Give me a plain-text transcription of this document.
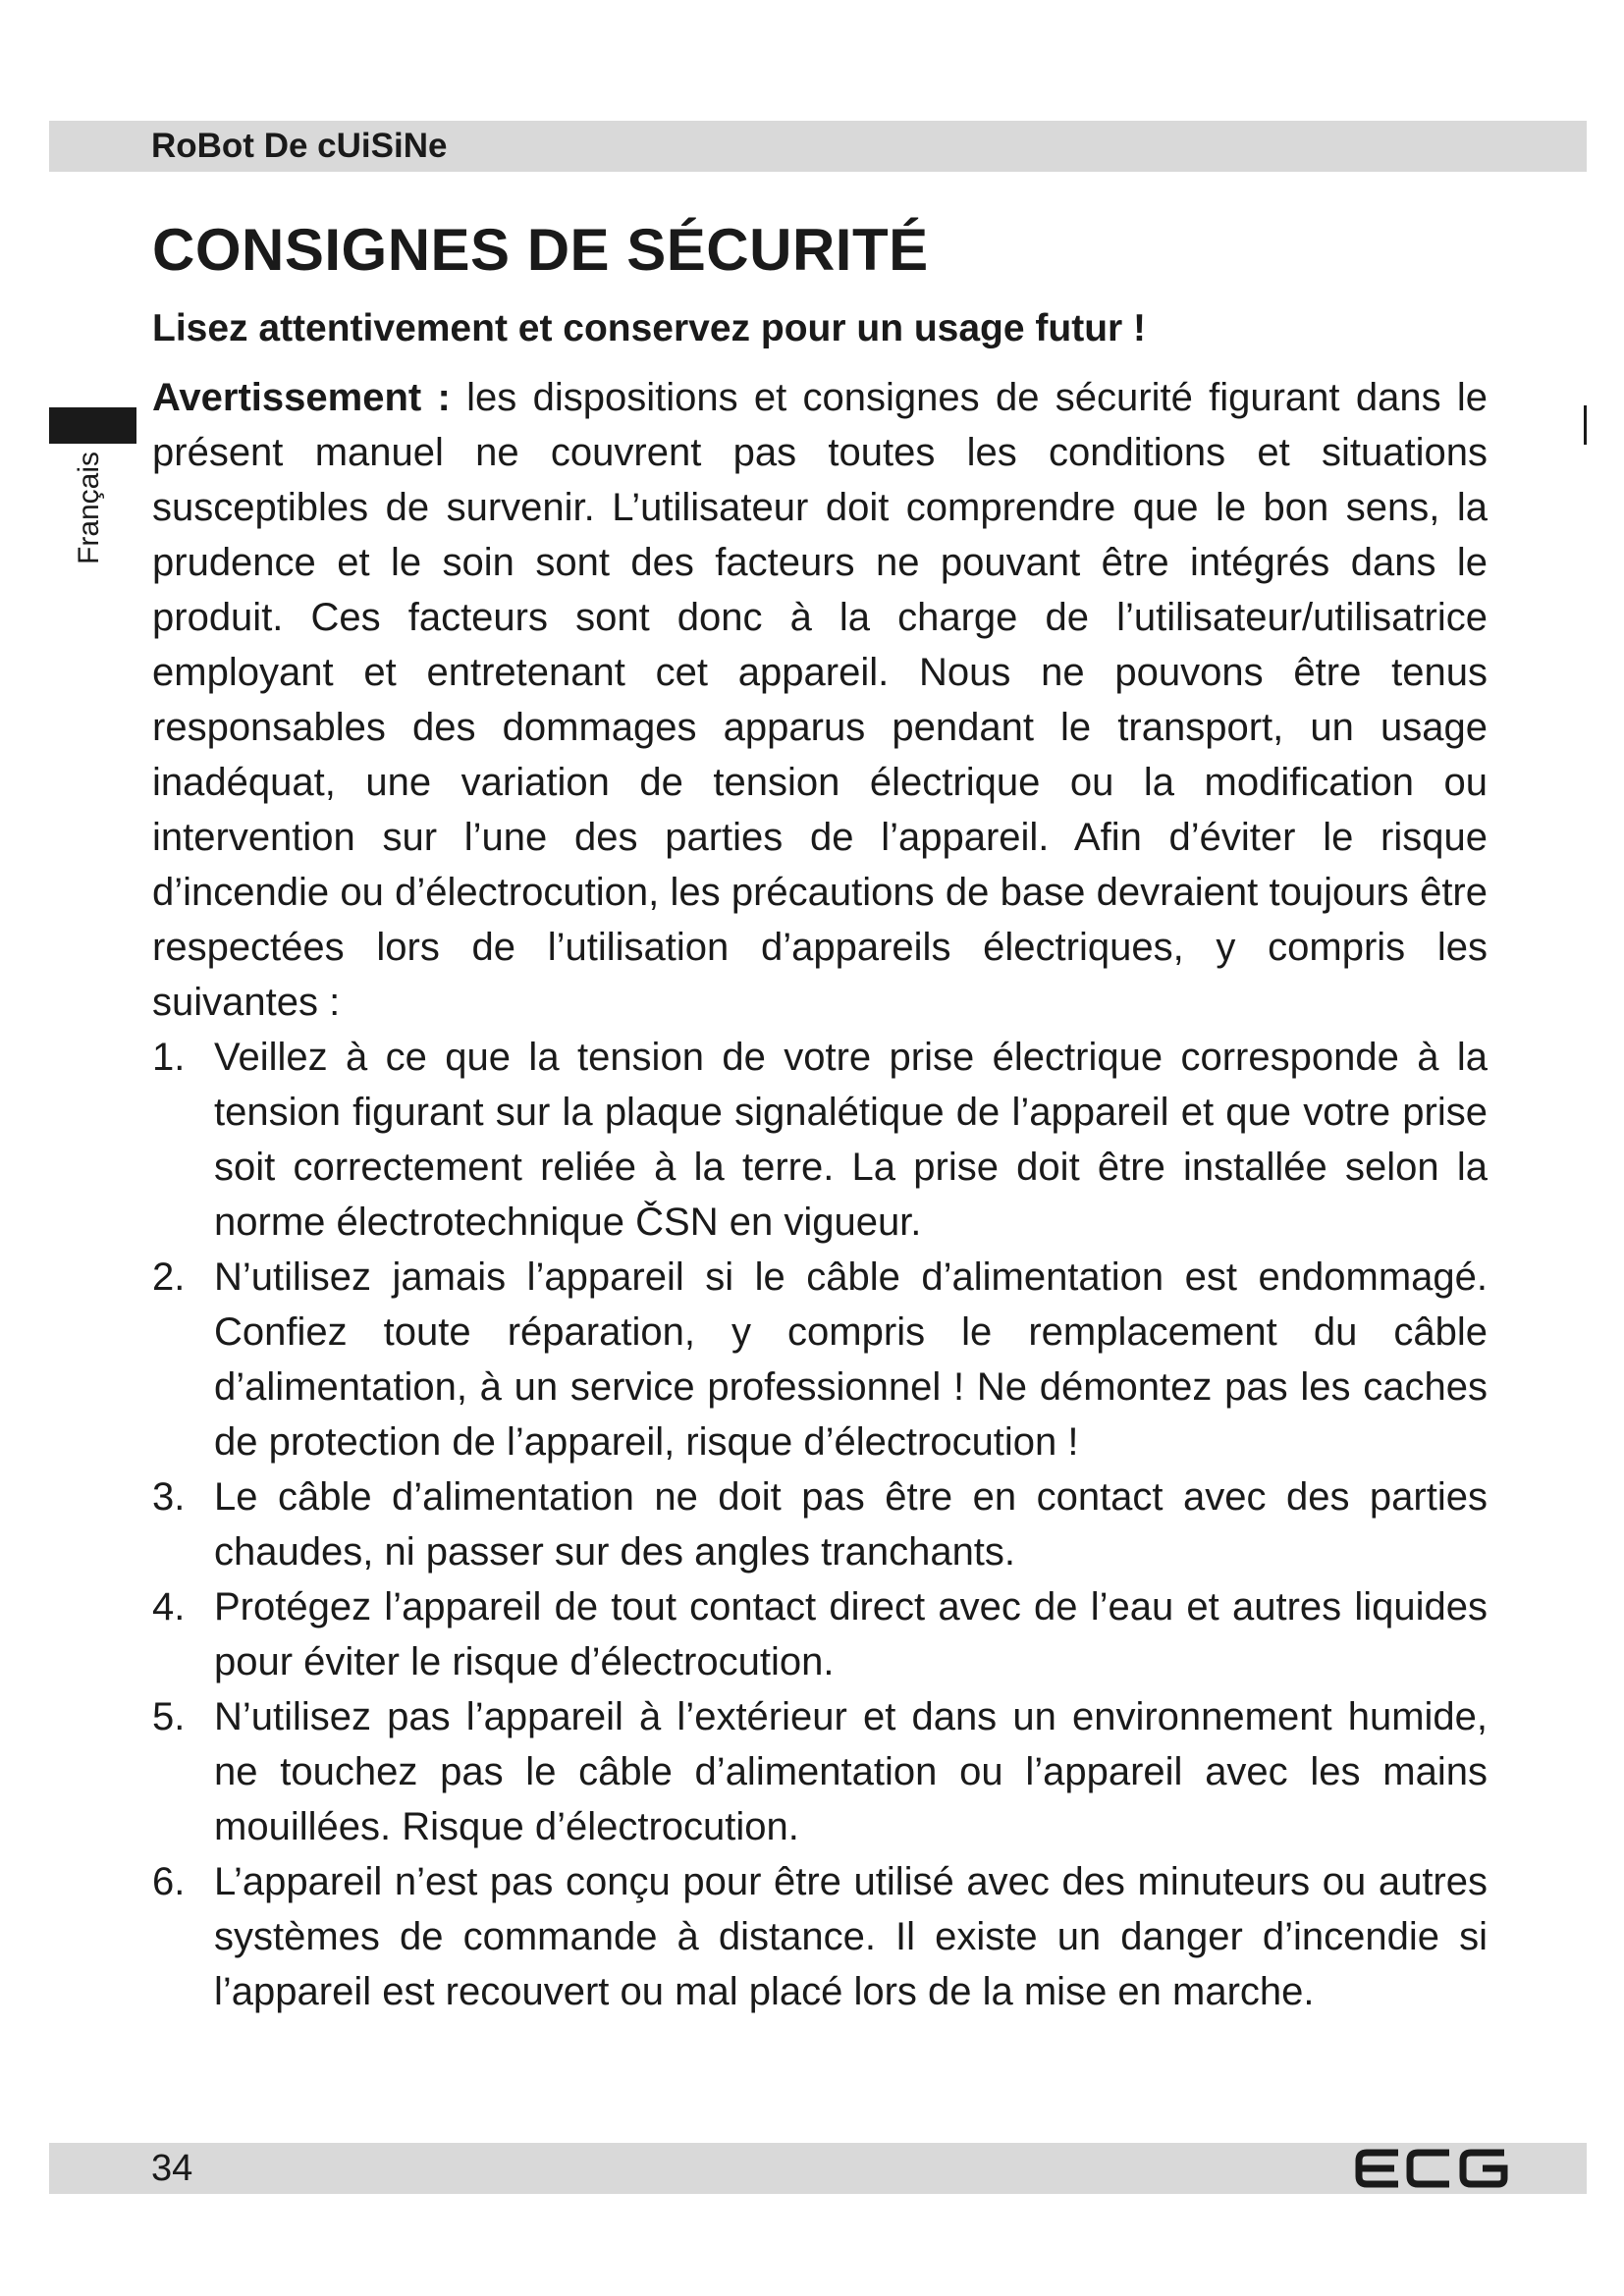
RoBot De cUiSiNe
Français
CONSIGNES DE SÉCURITÉ
Lisez attentivement et conservez pour un usage futur !

Avertissement : les dispositions et consignes de sécurité figurant dans le présent manuel ne couvrent pas toutes les conditions et situations susceptibles de survenir. L’utilisateur doit comprendre que le bon sens, la prudence et le soin sont des facteurs ne pouvant être intégrés dans le produit. Ces facteurs sont donc à la charge de l’utilisateur/utilisatrice employant et entretenant cet appareil. Nous ne pouvons être tenus responsables des dommages apparus pendant le transport, un usage inadéquat, une variation de tension électrique ou la modification ou intervention sur l’une des parties de l’appareil. Afin d’éviter le risque d’incendie ou d’électrocution, les précautions de base devraient toujours être respectées lors de l’utilisation d’appareils électriques, y compris les suivantes :

1. Veillez à ce que la tension de votre prise électrique corresponde à la tension figurant sur la plaque signalétique de l’appareil et que votre prise soit correctement reliée à la terre. La prise doit être installée selon la norme électrotechnique ČSN en vigueur.
2. N’utilisez jamais l’appareil si le câble d’alimentation est endommagé. Confiez toute réparation, y compris le remplacement du câble d’alimentation, à un service professionnel ! Ne démontez pas les caches de protection de l’appareil, risque d’électrocution !
3. Le câble d’alimentation ne doit pas être en contact avec des parties chaudes, ni passer sur des angles tranchants.
4. Protégez l’appareil de tout contact direct avec de l’eau et autres liquides pour éviter le risque d’électrocution.
5. N’utilisez pas l’appareil à l’extérieur et dans un environnement humide, ne touchez pas le câble d’alimentation ou l’appareil avec les mains mouillées. Risque d’électrocution.
6. L’appareil n’est pas conçu pour être utilisé avec des minuteurs ou autres systèmes de commande à distance. Il existe un danger d’incendie si l’appareil est recouvert ou mal placé lors de la mise en marche.
34
